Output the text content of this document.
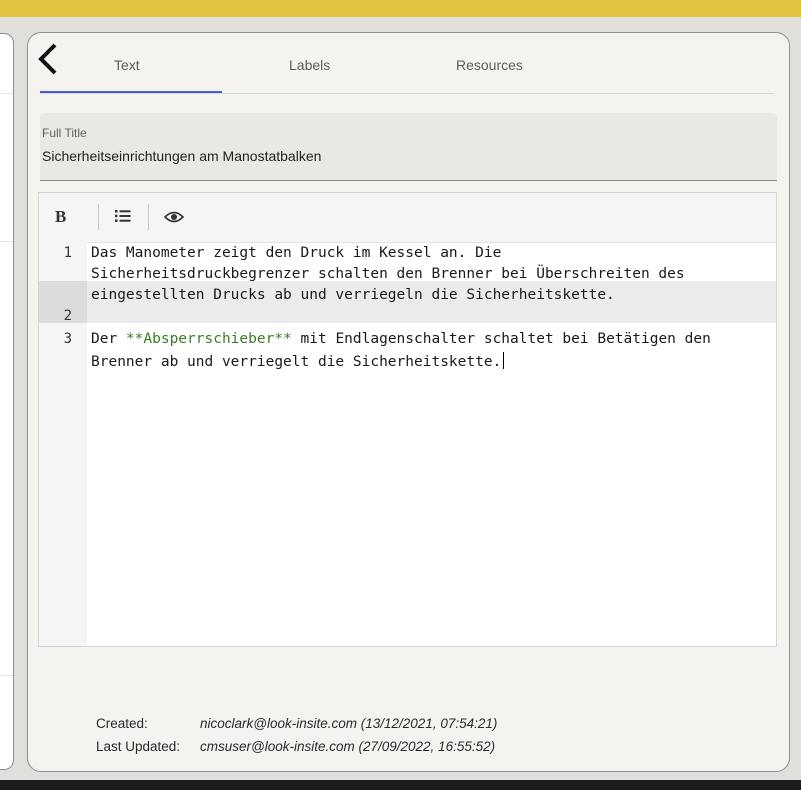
Text	Labels	Resources
Full Title
Sicherheitseinrichtungen am Manostatbalken
B
1 Das Manometer zeigt den Druck im Kessel an. Die
Sicherheitsdruckbegrenzer schalten den Brenner bei Überschreiten des
eingestellten Drucks ab und verriegeln die Sicherheitskette.
2
3 Der **Absperrschieber** mit Endlagenschalter schaltet bei Betätigen den
Brenner ab und verriegelt die Sicherheitskette.
Created:	nicoclark@look-insite.com (13/12/2021, 07:54:21)
Last Updated: cmsuser@look-insite.com (27/09/2022, 16:55:52)
